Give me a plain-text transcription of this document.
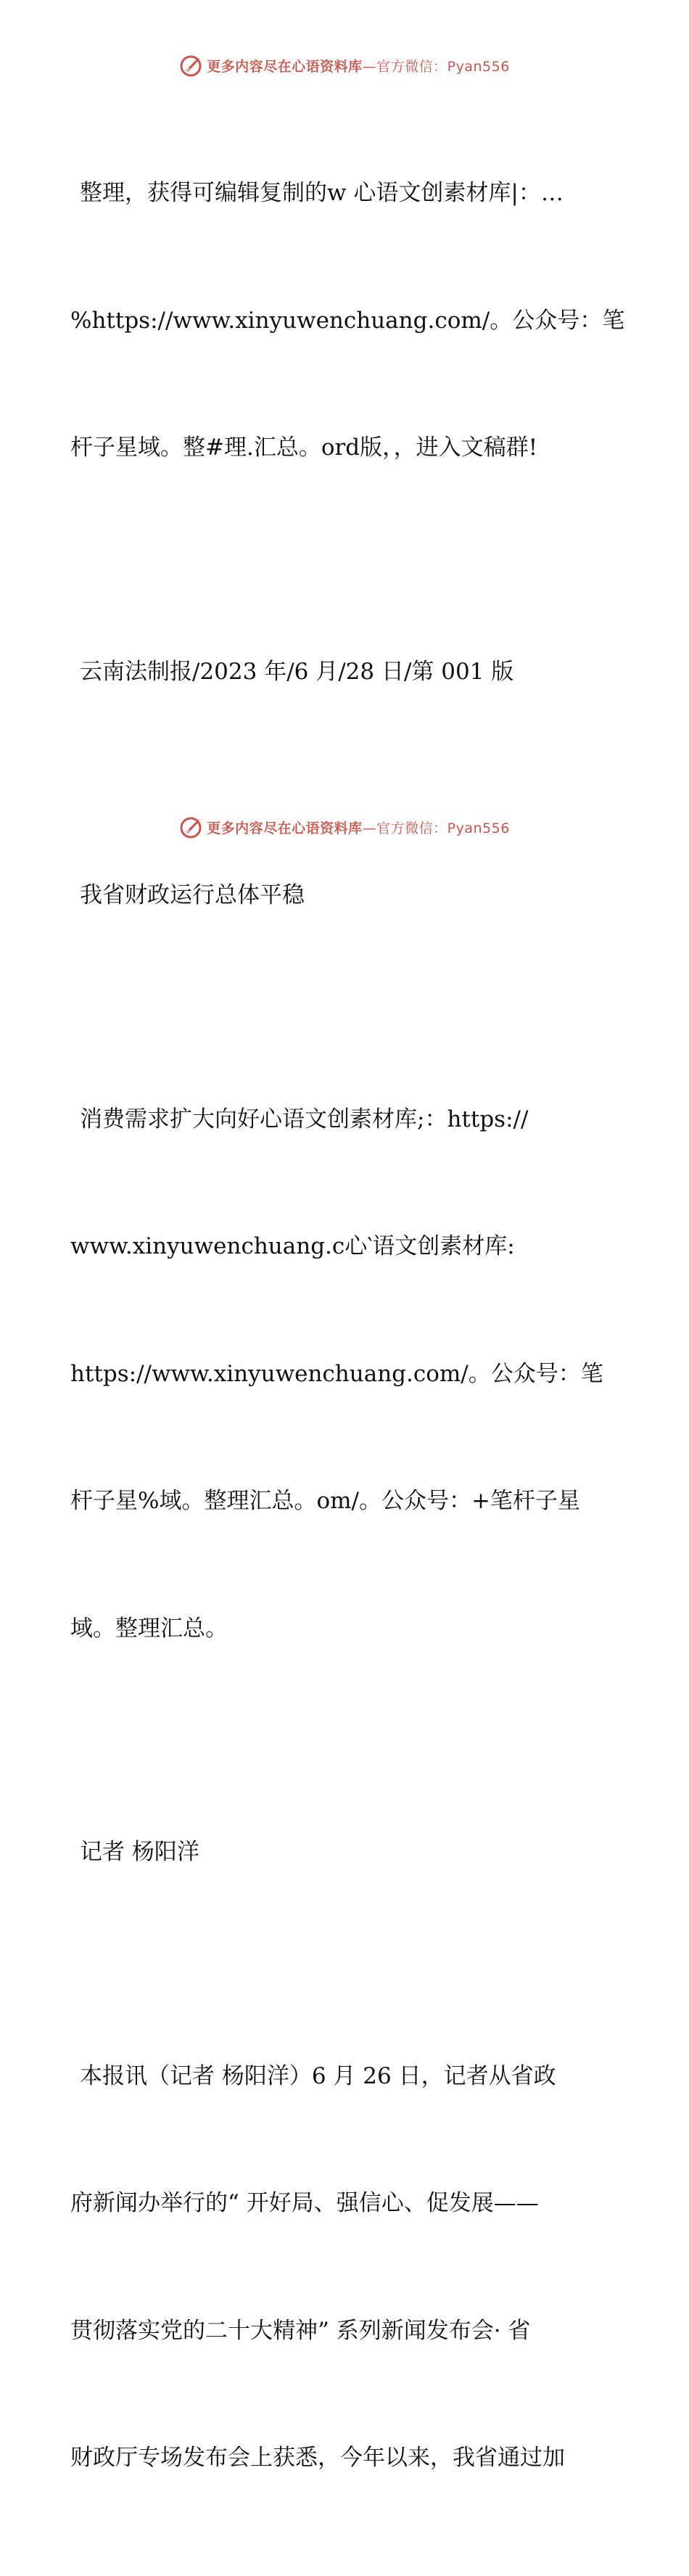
更多内容尽在心语资料库—官方微信：Pyan556

整理，获得可编辑复制的w 心语文创素材库|：…

%https://www.xinyuwenchuang.com/。公众号：笔

杆子星域。整#理.汇总。ord版，，进入文稿群!

云南法制报/2023 年/6 月/28 日/第 001 版

我省财政运行总体平稳

消费需求扩大向好心语文创素材库;：https://

www.xinyuwenchuang.c心‵语文创素材库:

https://www.xinyuwenchuang.com/。公众号：笔

杆子星%域。整理汇总。om/。公众号：+笔杆子星

域。整理汇总。

记者 杨阳洋

本报讯（记者 杨阳洋）6 月 26 日，记者从省政

府新闻办举行的“ 开好局、强信心、促发展——

贯彻落实党的二十大精神” 系列新闻发布会· 省

财政厅专场发布会上获悉，今年以来，我省通过加

更多内容尽在心语资料库—官方微信：Pyan556
